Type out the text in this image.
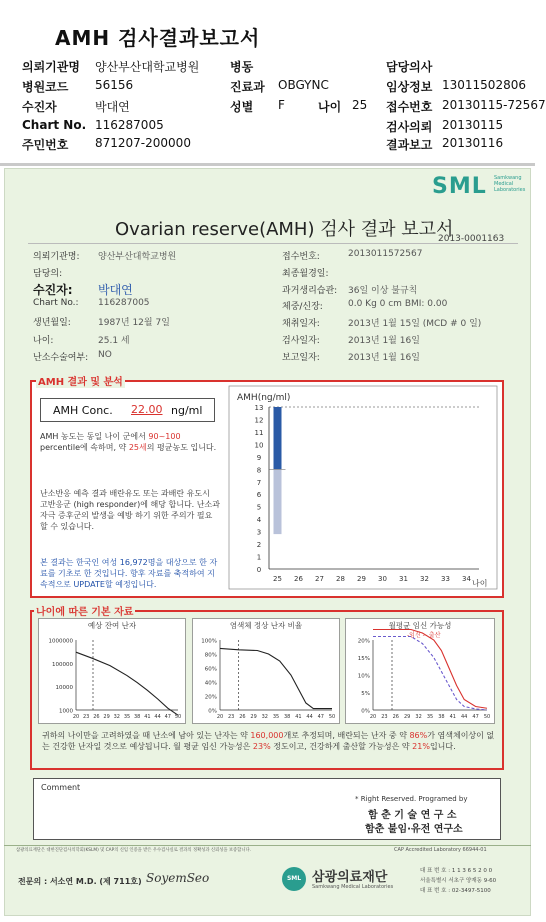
AMH 검사결과보고서
의뢰기관명 양산부산대학교병원
병원코드 56156
수진자	박대연
Chart No. 116287005
주민번호 871207-200000
병동
진료과 OBGYNC
성별 F	나이 25
담당의사
임상정보 13011502806
접수번호 20130115-72567
검사의뢰 20130115
결과보고 20130116
SML Samkwang Medical Laboratories
Ovarian reserve(AMH) 검사 결과 보고서
2013-0001163
의뢰기관명: 양산부산대학교병원
담당의:
수진자: 박대연
Chart No.: 116287005
생년월일:	1987년 12월 7일
나이:	25.1 세
난소수술여부: NO
접수번호:	2013011572567
최종월경일:
과거생리습관: 36일 이상 불규칙
체중/신장:	0.0 Kg 0 cm BMI: 0.00
채취일자:	2013년 1월 15일 (MCD # 0 일)
검사일자:	2013년 1월 16일
보고일자:	2013년 1월 16일
AMH 결과 및 분석
AMH Conc. 22.00 ng/ml
AMH 농도는 동일 나이 군에서 90~100 percentile에 속하며, 약 25세의 평균농도 입니다.
난소반응 예측 결과 배란유도 또는 과배란 유도시 고반응군 (high responder)에 해당 합니다. 난소과자극 증후군의 발생을 예방 하기 위한 주의가 필요할 수 있습니다.
본 결과는 한국인 여성 16,972명을 대상으로 한 자료를 기초로 한 것입니다. 향후 자료를 축적하여 지속적으로 UPDATE할 예정입니다.
AMH(ng/ml)
나이
0
1
2
3
4
5
6
7
8
9
10
11
12
13
25 26 27 28 29 30 31 32 33 34
나이에 따른 기본 자료
예상 잔여 난자
1000000
100000
10000
1000
20 23 26 29 32 35 38 41 44 47 50
염색체 정상 난자 비율
100%
80%
60%
40%
20%
0%
20 23 26 29 32 35 38 41 44 47 50
월평균 임신 가능성
20%
15%
10%
5%
0%
20 23 26 29 32 35 38 41 44 47 50
-임신 -- 출산
귀하의 나이만을 고려하였을 때 난소에 남아 있는 난자는 약 160,000개로 추정되며, 배란되는 난자 중 약 86%가 염색체이상이 없는 건강한 난자일 것으로 예상됩니다. 월 평균 임신 가능성은 23% 정도이고, 건강하게 출산할 가능성은 약 21%입니다.
Comment
* Right Reserved. Programed by
함 춘 기 술 연 구 소
함춘 불임·유전 연구소
삼광의료재단은 대한진단검사의학회(KSLM) 및 CAP의 신임 인증을 받은 우수검사실로 결과의 정확성과 신뢰성을 보증합니다.	CAP Accredited Laboratory 66944-01
전문의 : 서소연 M.D. (제 711호) SoyemSeo	SML 삼광의료재단
Samkwang Medical Laboratories
대 표 번 호 : 1 1 3 6 5 2 0 0
서울특별시 서초구 양재동 9-60
대 표 번 호 : 02-3497-5100
